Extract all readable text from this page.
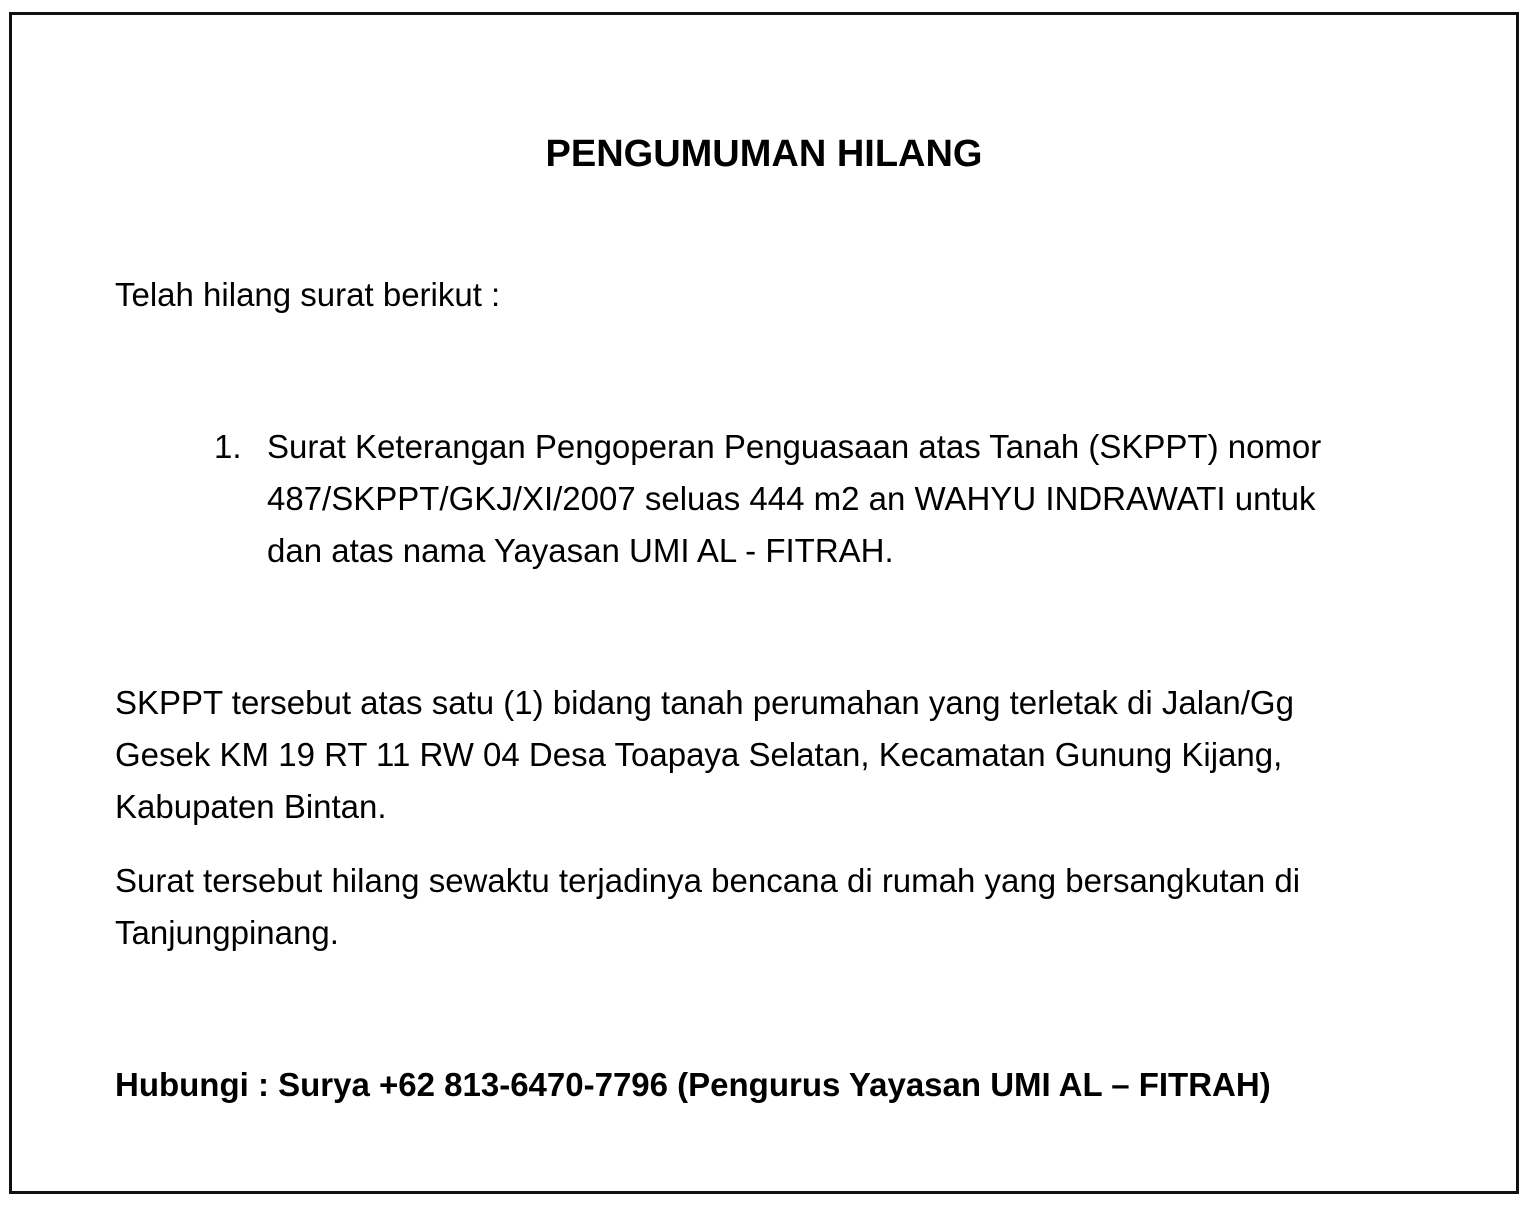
PENGUMUMAN HILANG
Telah hilang surat berikut :
1. Surat Keterangan Pengoperan Penguasaan atas Tanah (SKPPT) nomor
487/SKPPT/GKJ/XI/2007 seluas 444 m2 an WAHYU INDRAWATI untuk
dan atas nama Yayasan UMI AL - FITRAH.
SKPPT tersebut atas satu (1) bidang tanah perumahan yang terletak di Jalan/Gg
Gesek KM 19 RT 11 RW 04 Desa Toapaya Selatan, Kecamatan Gunung Kijang,
Kabupaten Bintan.
Surat tersebut hilang sewaktu terjadinya bencana di rumah yang bersangkutan di
Tanjungpinang.
Hubungi : Surya +62 813-6470-7796 (Pengurus Yayasan UMI AL – FITRAH)
